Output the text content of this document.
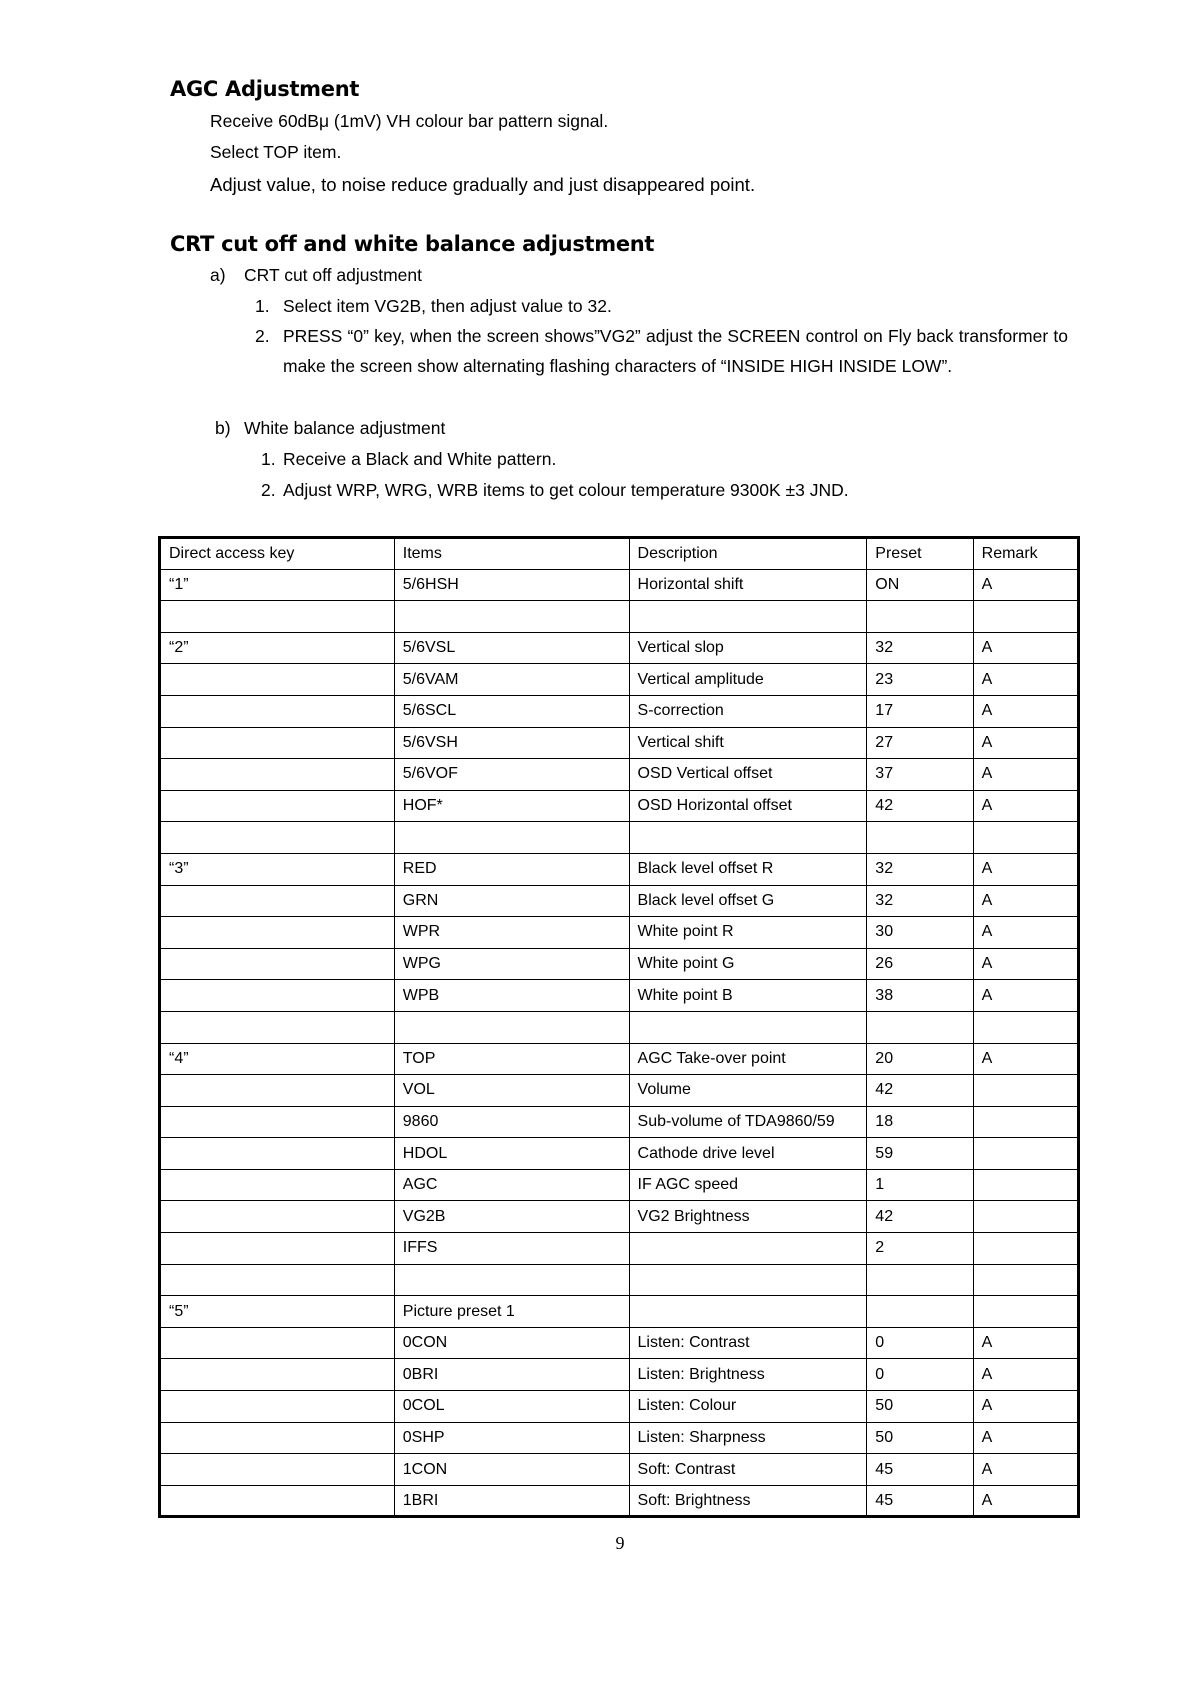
AGC Adjustment

Receive 60dBμ (1mV) VH colour bar pattern signal.

Select TOP item.

Adjust value, to noise reduce gradually and just disappeared point.

CRT cut off and white balance adjustment
a) CRT cut off adjustment
1. Select item VG2B, then adjust value to 32.
2. PRESS “0” key, when the screen shows”VG2” adjust the SCREEN control on Fly back transformer to make the screen show alternating flashing characters of “INSIDE HIGH INSIDE LOW”.

b) White balance adjustment
1. Receive a Black and White pattern.
2. Adjust WRP, WRG, WRB items to get colour temperature 9300K ±3 JND.
Direct access key	Items	Description	Preset	Remark
“1”	5/6HSH	Horizontal shift	ON	A

“2”	5/6VSL	Vertical slop	32	A
	5/6VAM	Vertical amplitude	23	A
	5/6SCL	S-correction	17	A
	5/6VSH	Vertical shift	27	A
	5/6VOF	OSD Vertical offset	37	A
	HOF*	OSD Horizontal offset	42	A

“3”	RED	Black level offset R	32	A
	GRN	Black level offset G	32	A
	WPR	White point R	30	A
	WPG	White point G	26	A
	WPB	White point B	38	A

“4”	TOP	AGC Take-over point	20	A
	VOL	Volume	42	
	9860	Sub-volume of TDA9860/59	18	
	HDOL	Cathode drive level	59	
	AGC	IF AGC speed	1	
	VG2B	VG2 Brightness	42	
	IFFS		2	

“5”	Picture preset 1			
	0CON	Listen: Contrast	0	A
	0BRI	Listen: Brightness	0	A
	0COL	Listen: Colour	50	A
	0SHP	Listen: Sharpness	50	A
	1CON	Soft: Contrast	45	A
	1BRI	Soft: Brightness	45	A
9
